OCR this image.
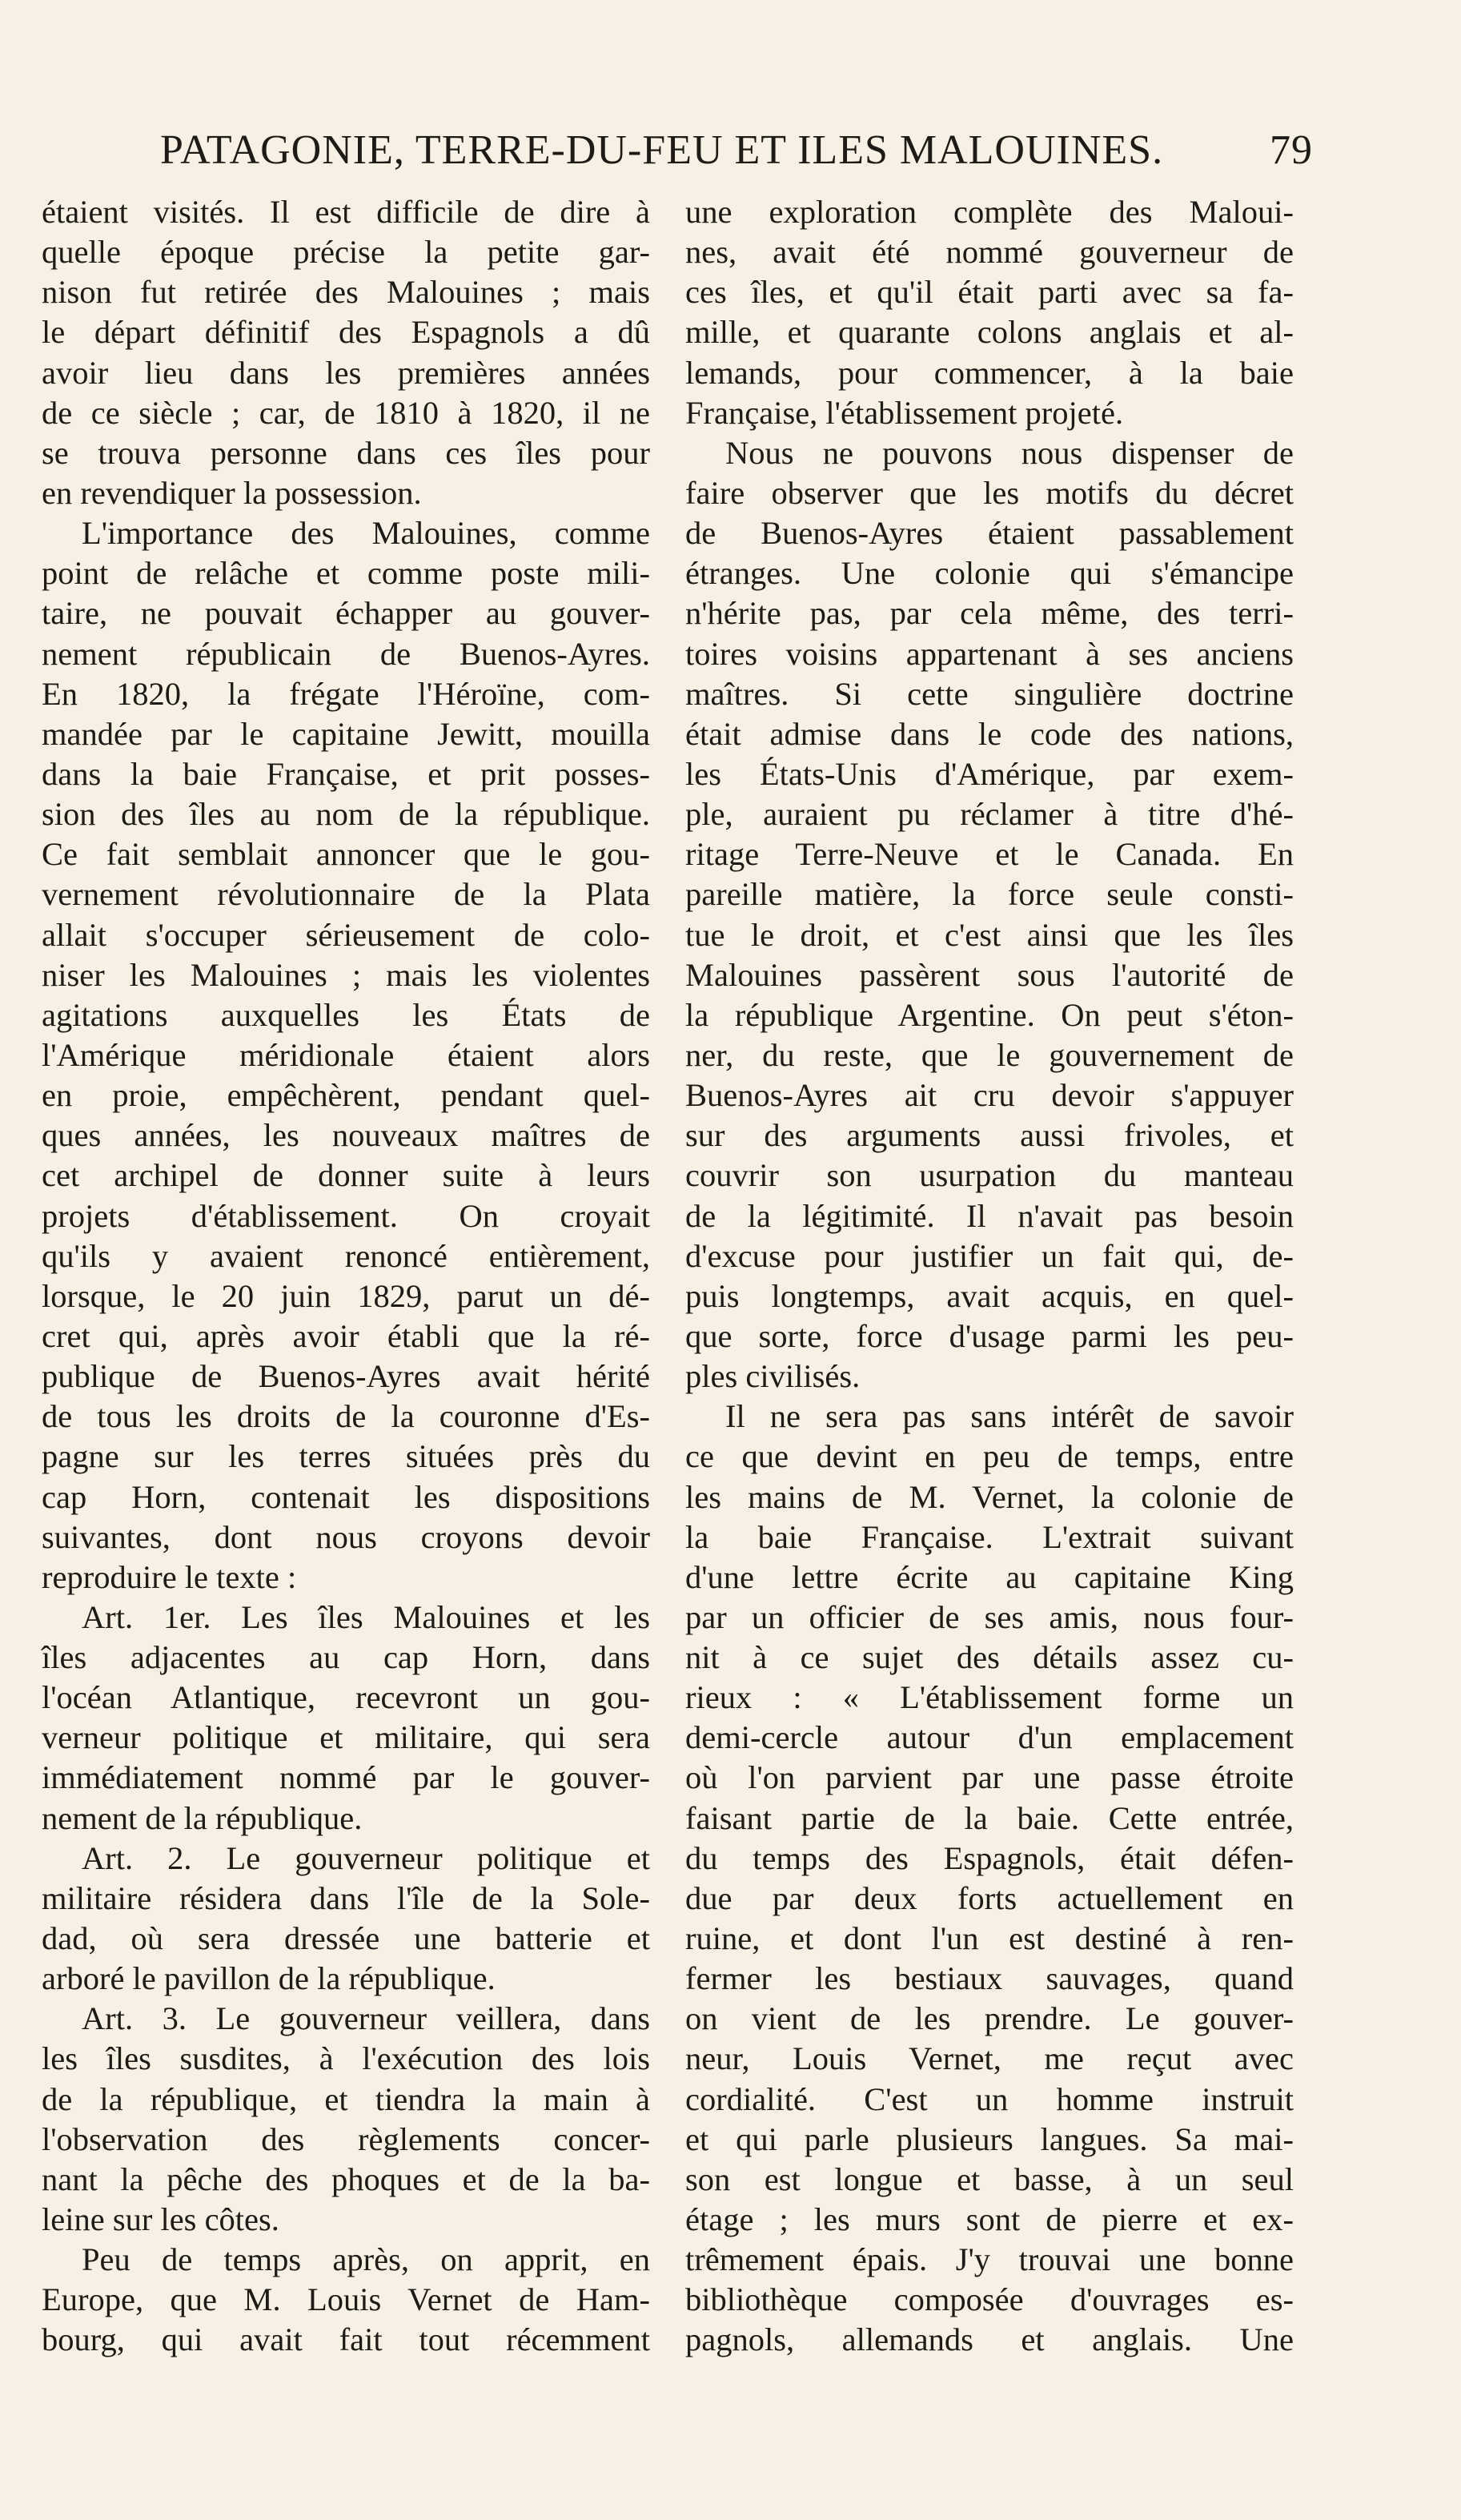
PATAGONIE, TERRE-DU-FEU ET ILES MALOUINES.	79
étaient visités. Il est difficile de dire à
quelle époque précise la petite gar-
nison fut retirée des Malouines ; mais
le départ définitif des Espagnols a dû
avoir lieu dans les premières années
de ce siècle ; car, de 1810 à 1820, il ne
se trouva personne dans ces îles pour
en revendiquer la possession.
L'importance des Malouines, comme
point de relâche et comme poste mili-
taire, ne pouvait échapper au gouver-
nement républicain de Buenos-Ayres.
En 1820, la frégate l'Héroïne, com-
mandée par le capitaine Jewitt, mouilla
dans la baie Française, et prit posses-
sion des îles au nom de la république.
Ce fait semblait annoncer que le gou-
vernement révolutionnaire de la Plata
allait s'occuper sérieusement de colo-
niser les Malouines ; mais les violentes
agitations auxquelles les États de
l'Amérique méridionale étaient alors
en proie, empêchèrent, pendant quel-
ques années, les nouveaux maîtres de
cet archipel de donner suite à leurs
projets d'établissement. On croyait
qu'ils y avaient renoncé entièrement,
lorsque, le 20 juin 1829, parut un dé-
cret qui, après avoir établi que la ré-
publique de Buenos-Ayres avait hérité
de tous les droits de la couronne d'Es-
pagne sur les terres situées près du
cap Horn, contenait les dispositions
suivantes, dont nous croyons devoir
reproduire le texte :
Art. 1er. Les îles Malouines et les
îles adjacentes au cap Horn, dans
l'océan Atlantique, recevront un gou-
verneur politique et militaire, qui sera
immédiatement nommé par le gouver-
nement de la république.
Art. 2. Le gouverneur politique et
militaire résidera dans l'île de la Sole-
dad, où sera dressée une batterie et
arboré le pavillon de la république.
Art. 3. Le gouverneur veillera, dans
les îles susdites, à l'exécution des lois
de la république, et tiendra la main à
l'observation des règlements concer-
nant la pêche des phoques et de la ba-
leine sur les côtes.
Peu de temps après, on apprit, en
Europe, que M. Louis Vernet de Ham-
bourg, qui avait fait tout récemment
une exploration complète des Maloui-
nes, avait été nommé gouverneur de
ces îles, et qu'il était parti avec sa fa-
mille, et quarante colons anglais et al-
lemands, pour commencer, à la baie
Française, l'établissement projeté.
Nous ne pouvons nous dispenser de
faire observer que les motifs du décret
de Buenos-Ayres étaient passablement
étranges. Une colonie qui s'émancipe
n'hérite pas, par cela même, des terri-
toires voisins appartenant à ses anciens
maîtres. Si cette singulière doctrine
était admise dans le code des nations,
les États-Unis d'Amérique, par exem-
ple, auraient pu réclamer à titre d'hé-
ritage Terre-Neuve et le Canada. En
pareille matière, la force seule consti-
tue le droit, et c'est ainsi que les îles
Malouines passèrent sous l'autorité de
la république Argentine. On peut s'éton-
ner, du reste, que le gouvernement de
Buenos-Ayres ait cru devoir s'appuyer
sur des arguments aussi frivoles, et
couvrir son usurpation du manteau
de la légitimité. Il n'avait pas besoin
d'excuse pour justifier un fait qui, de-
puis longtemps, avait acquis, en quel-
que sorte, force d'usage parmi les peu-
ples civilisés.
Il ne sera pas sans intérêt de savoir
ce que devint en peu de temps, entre
les mains de M. Vernet, la colonie de
la baie Française. L'extrait suivant
d'une lettre écrite au capitaine King
par un officier de ses amis, nous four-
nit à ce sujet des détails assez cu-
rieux : « L'établissement forme un
demi-cercle autour d'un emplacement
où l'on parvient par une passe étroite
faisant partie de la baie. Cette entrée,
du temps des Espagnols, était défen-
due par deux forts actuellement en
ruine, et dont l'un est destiné à ren-
fermer les bestiaux sauvages, quand
on vient de les prendre. Le gouver-
neur, Louis Vernet, me reçut avec
cordialité. C'est un homme instruit
et qui parle plusieurs langues. Sa mai-
son est longue et basse, à un seul
étage ; les murs sont de pierre et ex-
trêmement épais. J'y trouvai une bonne
bibliothèque composée d'ouvrages es-
pagnols, allemands et anglais. Une
